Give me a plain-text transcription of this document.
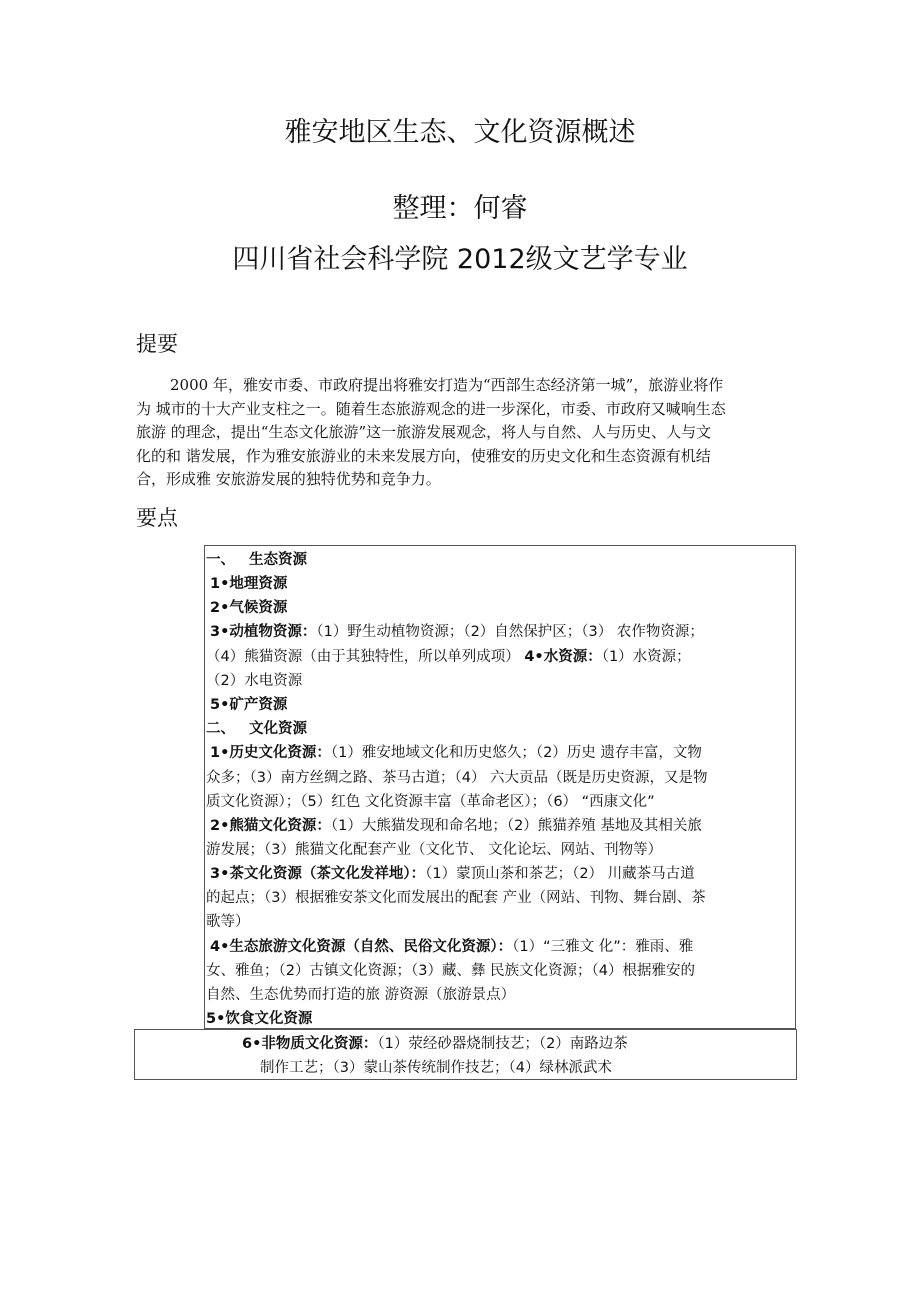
雅安地区生态、文化资源概述
整理：何睿
四川省社会科学院 2012级文艺学专业
提要

2000 年，雅安市委、市政府提出将雅安打造为“西部生态经济第一城”，旅游业将作
为 城市的十大产业支柱之一。随着生态旅游观念的进一步深化，市委、市政府又喊响生态
旅游 的理念，提出“生态文化旅游”这一旅游发展观念，将人与自然、人与历史、人与文
化的和 谐发展，作为雅安旅游业的未来发展方向，使雅安的历史文化和生态资源有机结
合，形成雅 安旅游发展的独特优势和竞争力。

要点
一、 生态资源
1•地理资源
2•气候资源
3•动植物资源：（1）野生动植物资源；（2）自然保护区；（3） 农作物资源；
（4）熊猫资源（由于其独特性，所以单列成项） 4•水资源：（1）水资源；
（2）水电资源
5•矿产资源
二、 文化资源
1•历史文化资源：（1）雅安地域文化和历史悠久；（2）历史 遗存丰富，文物
众多；（3）南方丝绸之路、茶马古道；（4） 六大贡品（既是历史资源，又是物
质文化资源）；（5）红色 文化资源丰富（革命老区）；（6） “西康文化”
2•熊猫文化资源：（1）大熊猫发现和命名地；（2）熊猫养殖 基地及其相关旅
游发展；（3）熊猫文化配套产业（文化节、 文化论坛、网站、刊物等）
3•茶文化资源（茶文化发祥地）：（1）蒙顶山茶和茶艺；（2） 川藏茶马古道
的起点；（3）根据雅安茶文化而发展出的配套 产业（网站、刊物、舞台剧、茶
歌等）
4•生态旅游文化资源（自然、民俗文化资源）：（1）“三雅文 化”：雅雨、雅
女、雅鱼；（2）古镇文化资源；（3）藏、彝 民族文化资源；（4）根据雅安的
自然、生态优势而打造的旅 游资源（旅游景点）
5•饮食文化资源
6•非物质文化资源：（1）荥经砂器烧制技艺；（2）南路边茶
制作工艺；（3）蒙山茶传统制作技艺；（4）绿林派武术
